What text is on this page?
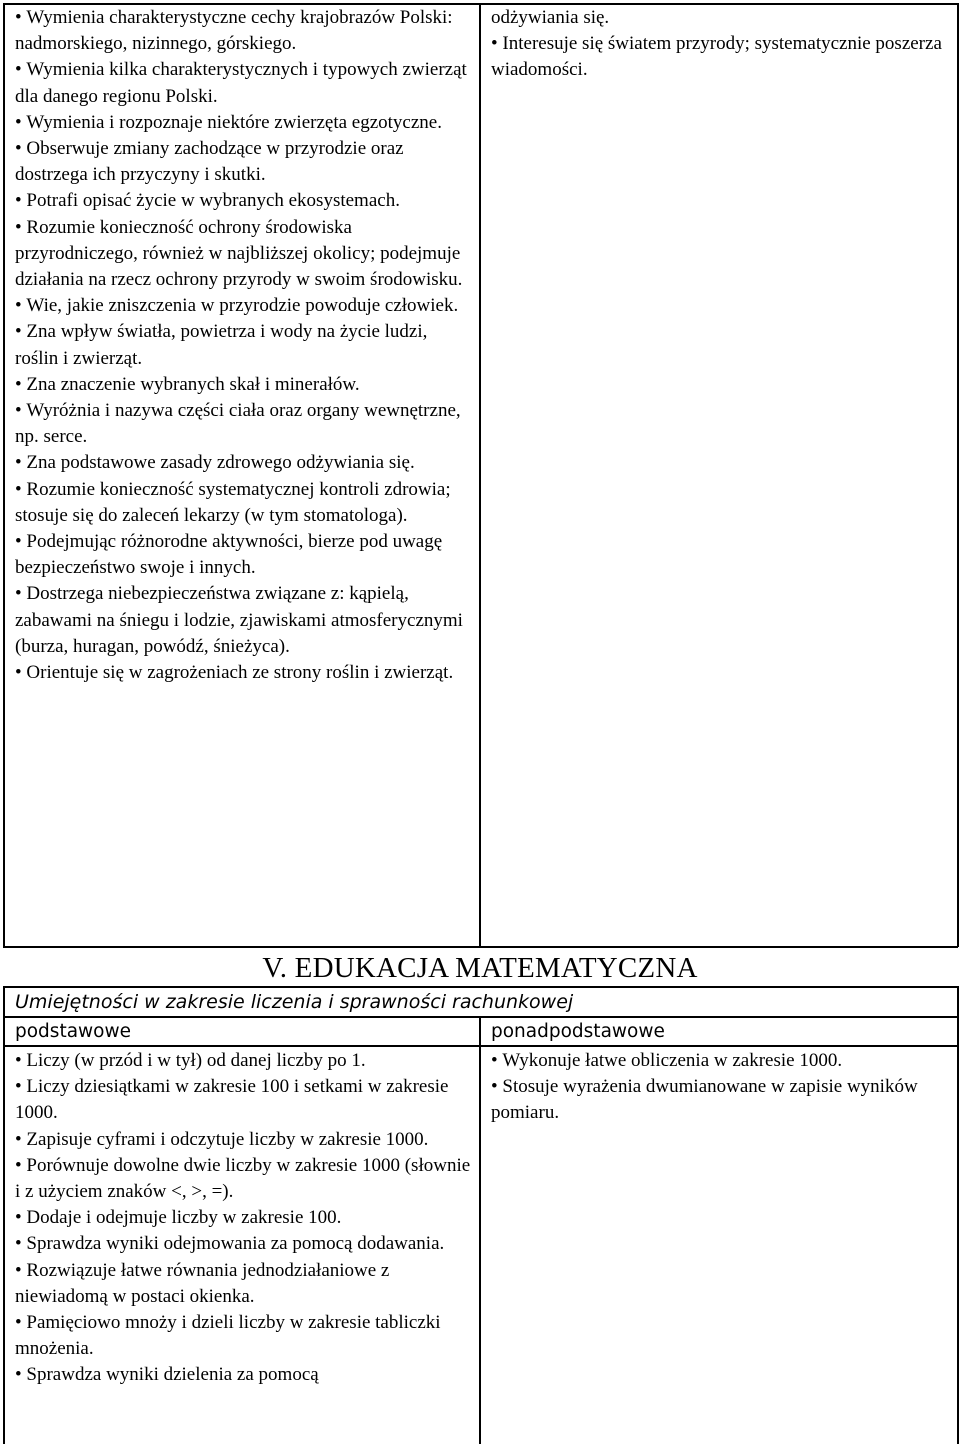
• Wymienia charakterystyczne cechy krajobrazów Polski: nadmorskiego, nizinnego, górskiego.
• Wymienia kilka charakterystycznych i typowych zwierząt dla danego regionu Polski.
• Wymienia i rozpoznaje niektóre zwierzęta egzotyczne.
• Obserwuje zmiany zachodzące w przyrodzie oraz dostrzega ich przyczyny i skutki.
• Potrafi opisać życie w wybranych ekosystemach.
• Rozumie konieczność ochrony środowiska przyrodniczego, również w najbliższej okolicy; podejmuje działania na rzecz ochrony przyrody w swoim środowisku.
• Wie, jakie zniszczenia w przyrodzie powoduje człowiek.
• Zna wpływ światła, powietrza i wody na życie ludzi, roślin i zwierząt.
• Zna znaczenie wybranych skał i minerałów.
• Wyróżnia i nazywa części ciała oraz organy wewnętrzne, np. serce.
• Zna podstawowe zasady zdrowego odżywiania się.
• Rozumie konieczność systematycznej kontroli zdrowia; stosuje się do zaleceń lekarzy (w tym stomatologa).
• Podejmując różnorodne aktywności, bierze pod uwagę bezpieczeństwo swoje i innych.
• Dostrzega niebezpieczeństwa związane z: kąpielą, zabawami na śniegu i lodzie, zjawiskami atmosferycznymi (burza, huragan, powódź, śnieżyca).
• Orientuje się w zagrożeniach ze strony roślin i zwierząt.
odżywiania się.
• Interesuje się światem przyrody; systematycznie poszerza wiadomości.
V. EDUKACJA MATEMATYCZNA
Umiejętności w zakresie liczenia i sprawności rachunkowej
podstawowe	ponadpodstawowe
• Liczy (w przód i w tył) od danej liczby po 1.
• Liczy dziesiątkami w zakresie 100 i setkami w zakresie 1000.
• Zapisuje cyframi i odczytuje liczby w zakresie 1000.
• Porównuje dowolne dwie liczby w zakresie 1000 (słownie i z użyciem znaków <, >, =).
• Dodaje i odejmuje liczby w zakresie 100.
• Sprawdza wyniki odejmowania za pomocą dodawania.
• Rozwiązuje łatwe równania jednodziałaniowe z niewiadomą w postaci okienka.
• Pamięciowo mnoży i dzieli liczby w zakresie tabliczki mnożenia.
• Sprawdza wyniki dzielenia za pomocą
• Wykonuje łatwe obliczenia w zakresie 1000.
• Stosuje wyrażenia dwumianowane w zapisie wyników pomiaru.
